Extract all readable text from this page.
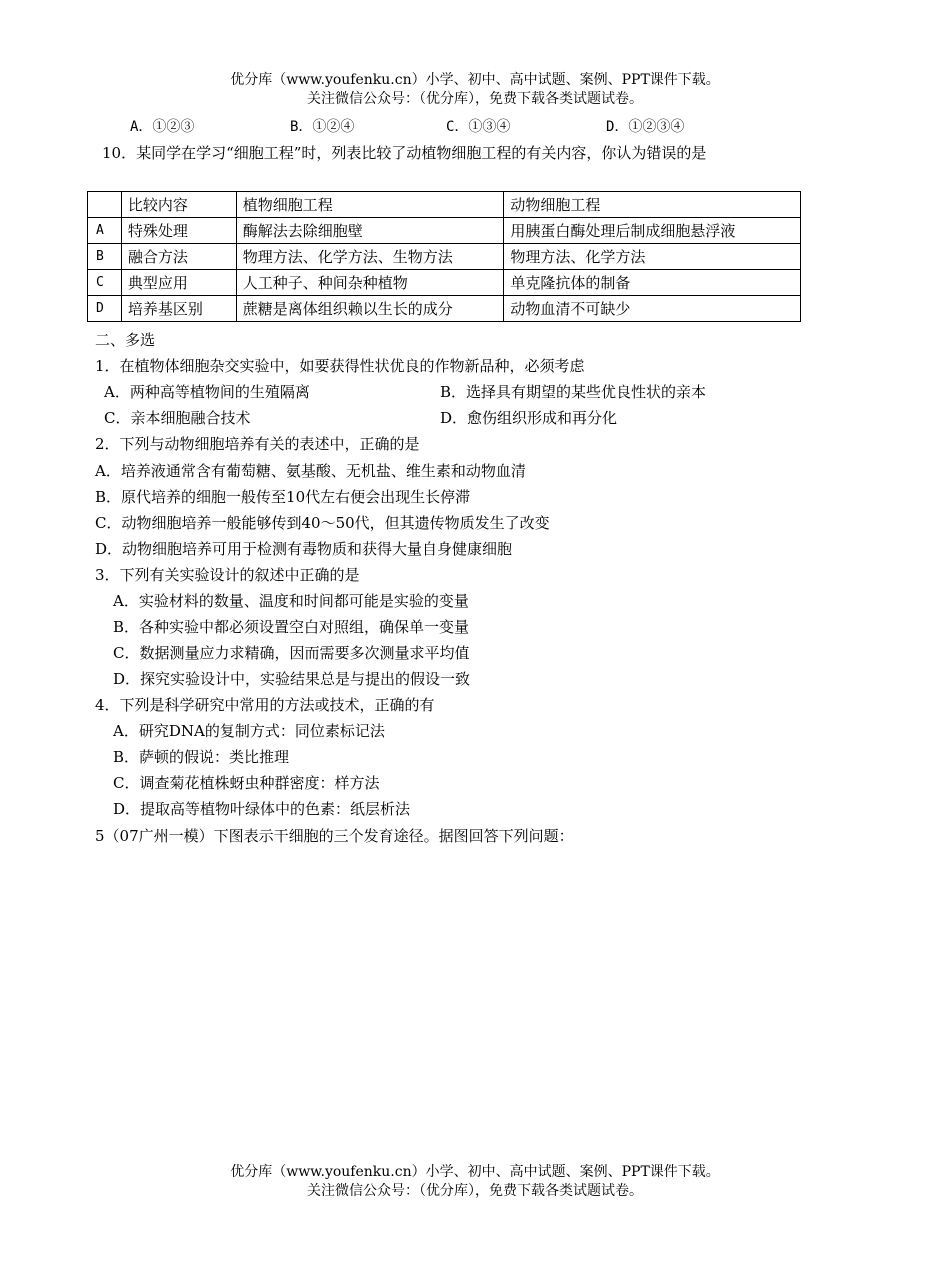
优分库（www.youfenku.cn）小学、初中、高中试题、案例、PPT课件下载。
关注微信公众号：（优分库），免费下载各类试题试卷。
A．①②③	B．①②④	C．①③④	D．①②③④
10．某同学在学习“细胞工程”时，列表比较了动植物细胞工程的有关内容，你认为错误的是
	比较内容	植物细胞工程	动物细胞工程
A	特殊处理	酶解法去除细胞壁	用胰蛋白酶处理后制成细胞悬浮液
B	融合方法	物理方法、化学方法、生物方法	物理方法、化学方法
C	典型应用	人工种子、种间杂种植物	单克隆抗体的制备
D	培养基区别	蔗糖是离体组织赖以生长的成分	动物血清不可缺少
二、多选
1．在植物体细胞杂交实验中，如要获得性状优良的作物新品种，必须考虑
A．两种高等植物间的生殖隔离	B．选择具有期望的某些优良性状的亲本
C．亲本细胞融合技术	D．愈伤组织形成和再分化
2．下列与动物细胞培养有关的表述中，正确的是
A．培养液通常含有葡萄糖、氨基酸、无机盐、维生素和动物血清
B．原代培养的细胞一般传至10代左右便会出现生长停滞
C．动物细胞培养一般能够传到40～50代，但其遗传物质发生了改变
D．动物细胞培养可用于检测有毒物质和获得大量自身健康细胞
3．下列有关实验设计的叙述中正确的是
A．实验材料的数量、温度和时间都可能是实验的变量
B．各种实验中都必须设置空白对照组，确保单一变量
C．数据测量应力求精确，因而需要多次测量求平均值
D．探究实验设计中，实验结果总是与提出的假设一致
4．下列是科学研究中常用的方法或技术，正确的有
A．研究DNA的复制方式：同位素标记法
B．萨顿的假说：类比推理
C．调查菊花植株蚜虫种群密度：样方法
D．提取高等植物叶绿体中的色素：纸层析法
5（07广州一模）下图表示干细胞的三个发育途径。据图回答下列问题：
优分库（www.youfenku.cn）小学、初中、高中试题、案例、PPT课件下载。
关注微信公众号：（优分库），免费下载各类试题试卷。
